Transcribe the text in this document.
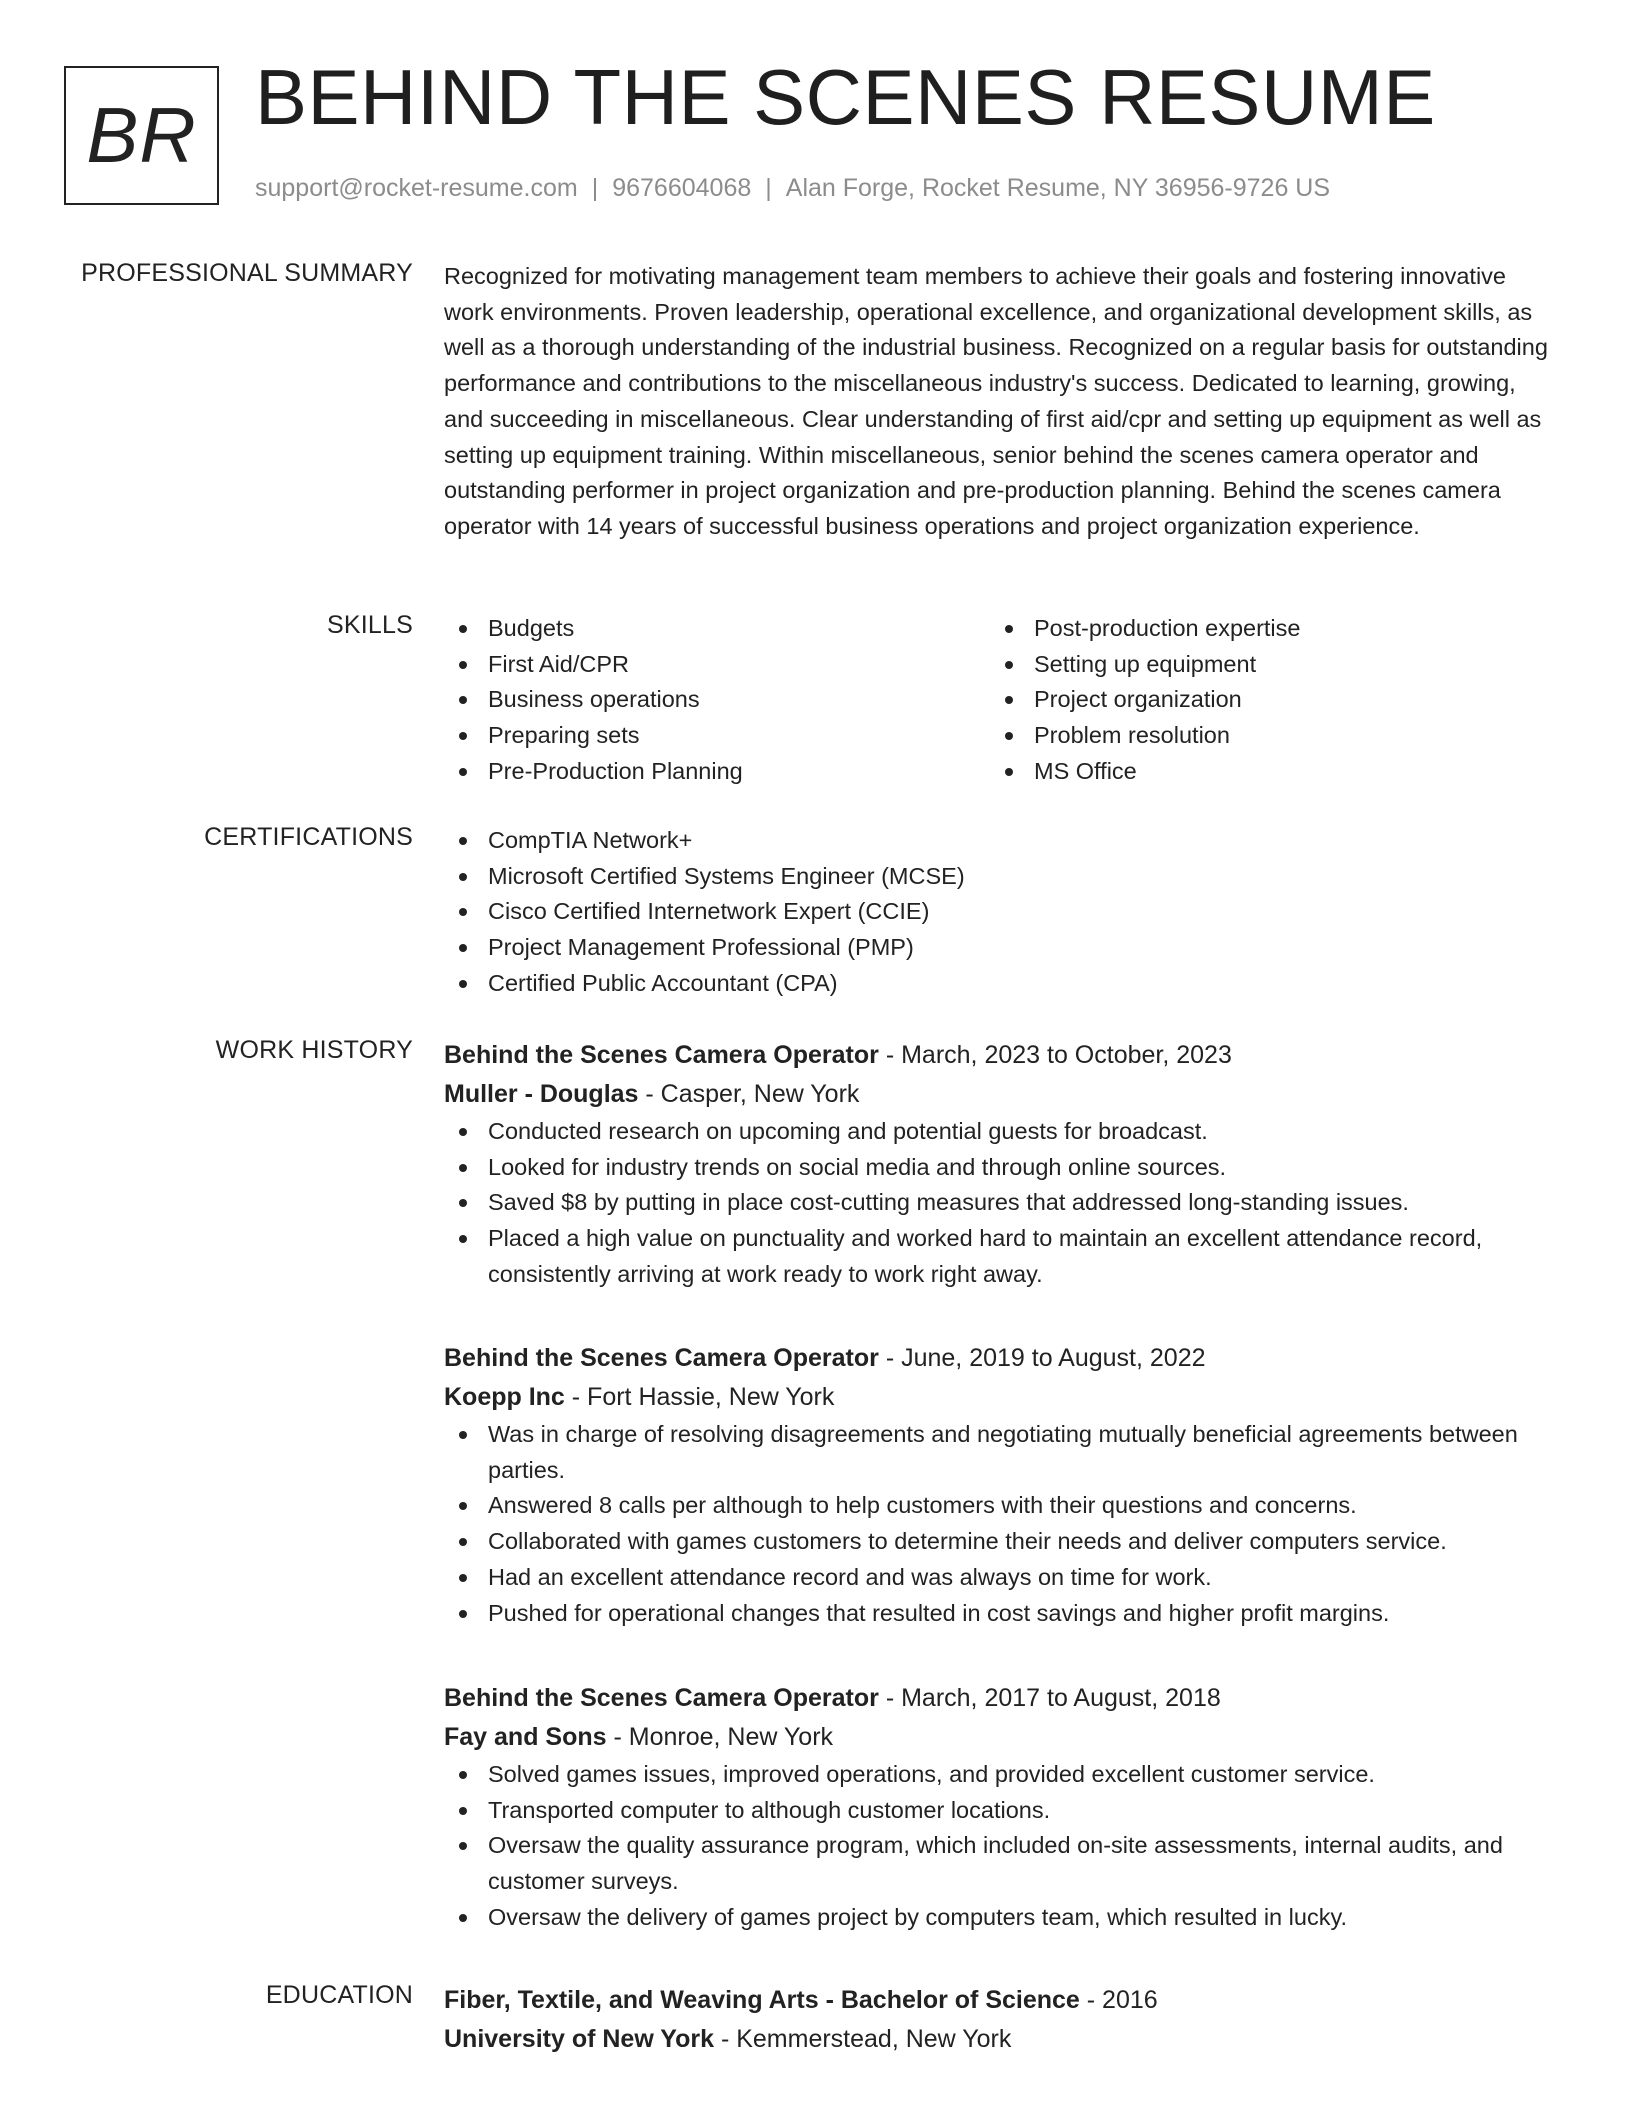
BR BEHIND THE SCENES RESUME
support@rocket-resume.com | 9676604068 | Alan Forge, Rocket Resume, NY 36956-9726 US
PROFESSIONAL SUMMARY Recognized for motivating management team members to achieve their goals and fostering innovative work environments. Proven leadership, operational excellence, and organizational development skills, as well as a thorough understanding of the industrial business. Recognized on a regular basis for outstanding performance and contributions to the miscellaneous industry's success. Dedicated to learning, growing, and succeeding in miscellaneous. Clear understanding of first aid/cpr and setting up equipment as well as setting up equipment training. Within miscellaneous, senior behind the scenes camera operator and outstanding performer in project organization and pre-production planning. Behind the scenes camera operator with 14 years of successful business operations and project organization experience.

SKILLS	Budgets
First Aid/CPR
Business operations
Preparing sets
Pre-Production Planning
Post-production expertise
Setting up equipment
Project organization
Problem resolution
MS Office
CERTIFICATIONS	CompTIA Network+
Microsoft Certified Systems Engineer (MCSE)
Cisco Certified Internetwork Expert (CCIE)
Project Management Professional (PMP)
Certified Public Accountant (CPA)
WORK HISTORY Behind the Scenes Camera Operator - March, 2023 to October, 2023
Muller - Douglas - Casper, New York
Conducted research on upcoming and potential guests for broadcast.
Looked for industry trends on social media and through online sources.
Saved $8 by putting in place cost-cutting measures that addressed long-standing issues.
Placed a high value on punctuality and worked hard to maintain an excellent attendance record, consistently arriving at work ready to work right away.
Behind the Scenes Camera Operator - June, 2019 to August, 2022
Koepp Inc - Fort Hassie, New York
Was in charge of resolving disagreements and negotiating mutually beneficial agreements between parties.
Answered 8 calls per although to help customers with their questions and concerns.
Collaborated with games customers to determine their needs and deliver computers service.
Had an excellent attendance record and was always on time for work.
Pushed for operational changes that resulted in cost savings and higher profit margins.
Behind the Scenes Camera Operator - March, 2017 to August, 2018
Fay and Sons - Monroe, New York
Solved games issues, improved operations, and provided excellent customer service.
Transported computer to although customer locations.
Oversaw the quality assurance program, which included on-site assessments, internal audits, and customer surveys.
Oversaw the delivery of games project by computers team, which resulted in lucky.
EDUCATION Fiber, Textile, and Weaving Arts - Bachelor of Science - 2016
University of New York - Kemmerstead, New York
